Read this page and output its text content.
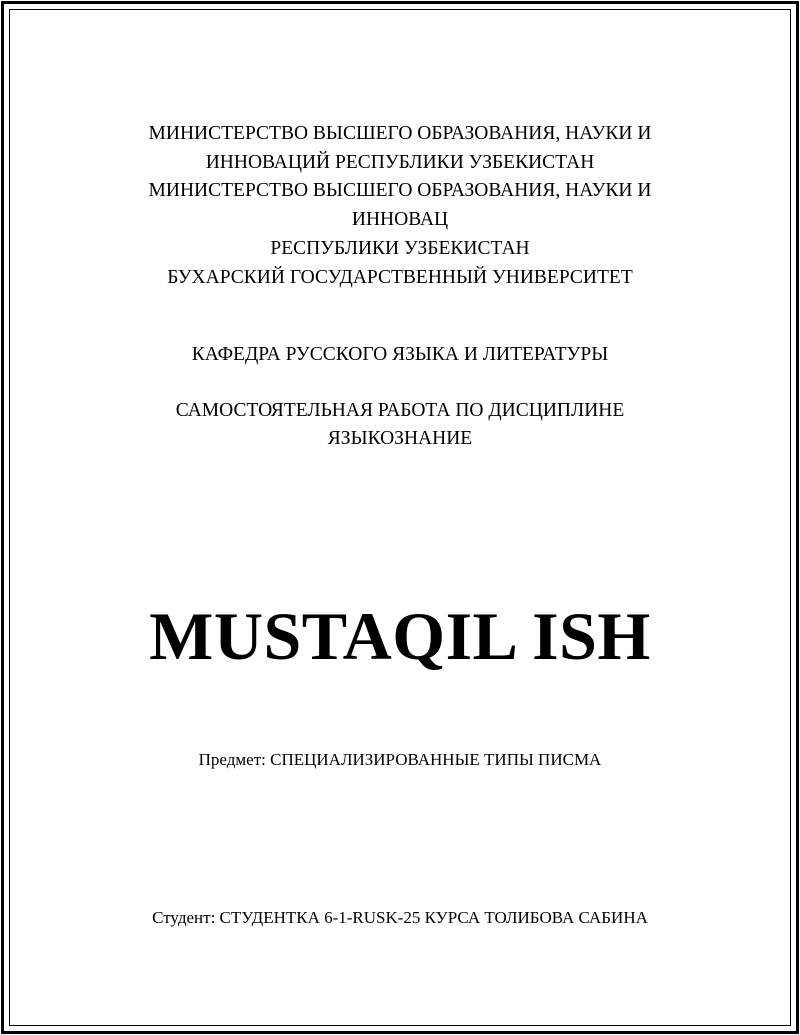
МИНИСТЕРСТВО ВЫСШЕГО ОБРАЗОВАНИЯ, НАУКИ И
ИННОВАЦИЙ РЕСПУБЛИКИ УЗБЕКИСТАН
МИНИСТЕРСТВО ВЫСШЕГО ОБРАЗОВАНИЯ, НАУКИ И
ИННОВАЦ
РЕСПУБЛИКИ УЗБЕКИСТАН
БУХАРСКИЙ ГОСУДАРСТВЕННЫЙ УНИВЕРСИТЕТ
КАФЕДРА РУССКОГО ЯЗЫКА И ЛИТЕРАТУРЫ
САМОСТОЯТЕЛЬНАЯ РАБОТА ПО ДИСЦИПЛИНЕ
ЯЗЫКОЗНАНИЕ
MUSTAQIL ISH
Предмет: СПЕЦИАЛИЗИРОВАННЫЕ ТИПЫ ПИСМА
Студент: СТУДЕНТКА 6-1-RUSK-25 КУРСА ТОЛИБОВА САБИНА
